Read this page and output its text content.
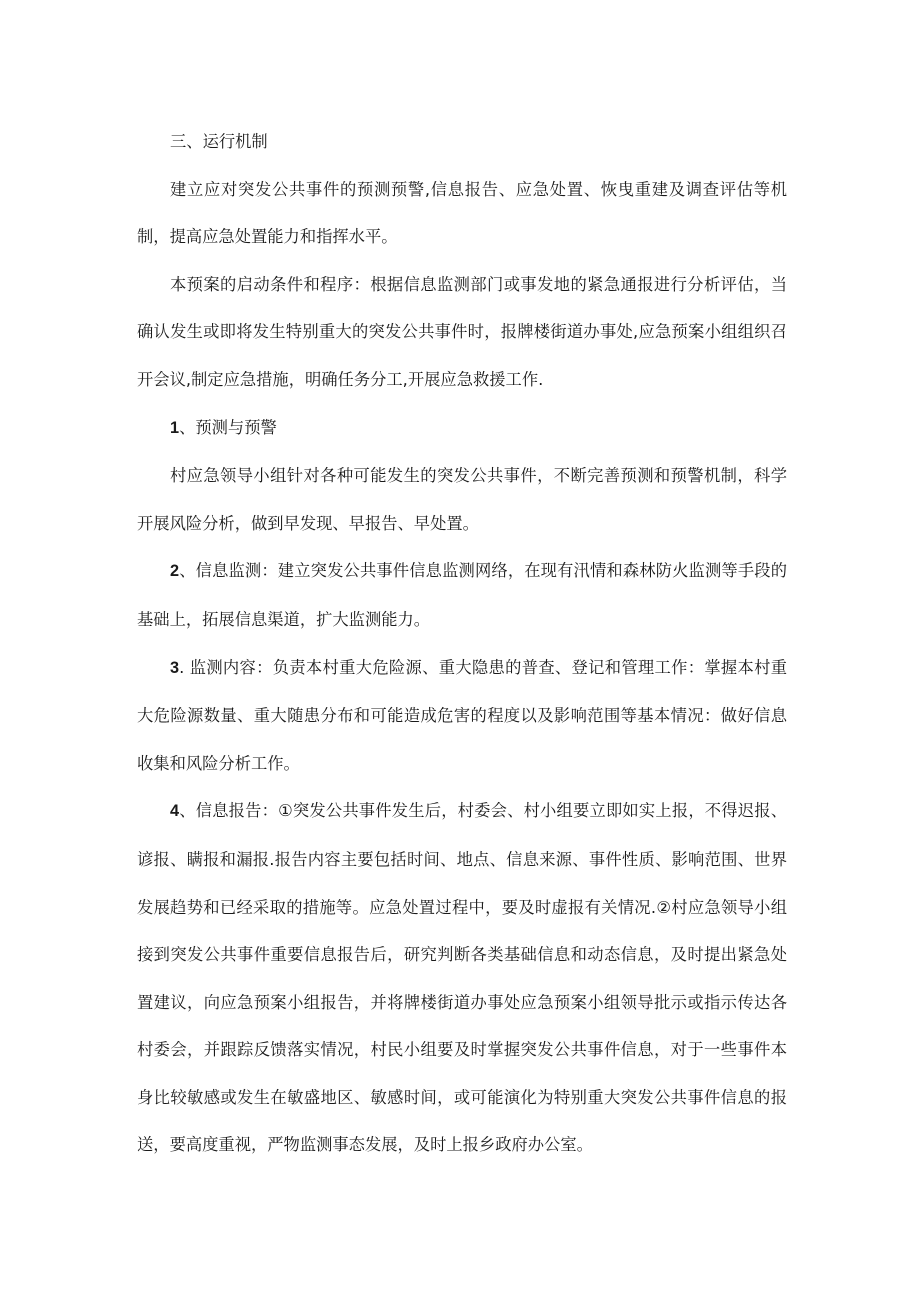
三、运行机制

建立应对突发公共事件的预测预警,信息报告、应急处置、恢曳重建及调查评估等机制，提高应急处置能力和指挥水平。

本预案的启动条件和程序：根据信息监测部门或事发地的紧急通报进行分析评估，当确认发生或即将发生特别重大的突发公共事件时，报牌楼街道办事处,应急预案小组组织召开会议,制定应急措施，明确任务分工,开展应急救援工作.

1、预测与预警

村应急领导小组针对各种可能发生的突发公共事件，不断完善预测和预警机制，科学开展风险分析，做到早发现、早报告、早处置。

2、信息监测：建立突发公共事件信息监测网络，在现有汛情和森林防火监测等手段的基础上，拓展信息渠道，扩大监测能力。

3. 监测内容：负责本村重大危险源、重大隐患的普查、登记和管理工作：掌握本村重大危险源数量、重大随患分布和可能造成危害的程度以及影响范围等基本情况：做好信息收集和风险分析工作。

4、信息报告：①突发公共事件发生后，村委会、村小组要立即如实上报，不得迟报、谚报、瞒报和漏报.报告内容主要包括时间、地点、信息来源、事件性质、影响范围、世界发展趋势和已经采取的措施等。应急处置过程中，要及时虚报有关情况.②村应急领导小组接到突发公共事件重要信息报告后，研究判断各类基础信息和动态信息，及时提出紧急处置建议，向应急预案小组报告，并将牌楼街道办事处应急预案小组领导批示或指示传达各村委会，并跟踪反馈落实情况，村民小组要及时掌握突发公共事件信息，对于一些事件本身比较敏感或发生在敏盛地区、敏感时间，或可能演化为特别重大突发公共事件信息的报送，要高度重视，严物监测事态发展，及时上报乡政府办公室。
